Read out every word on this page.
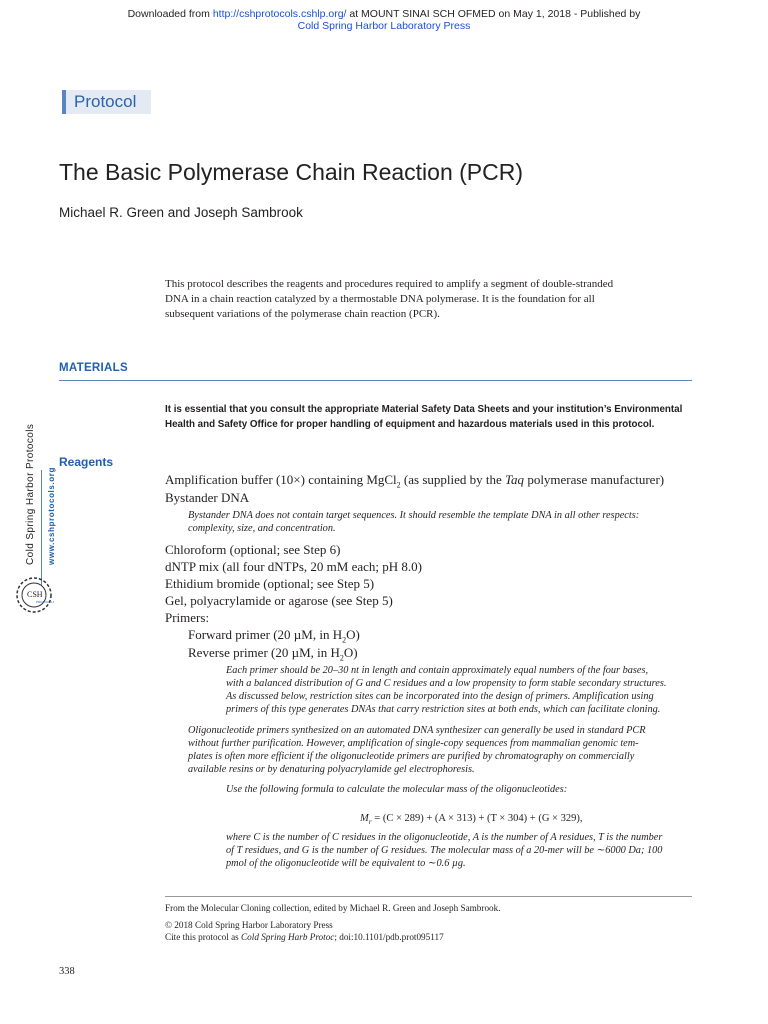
Downloaded from http://cshprotocols.cshlp.org/ at MOUNT SINAI SCH OFMED on May 1, 2018 - Published by
Cold Spring Harbor Laboratory Press
Protocol
The Basic Polymerase Chain Reaction (PCR)
Michael R. Green and Joseph Sambrook
This protocol describes the reagents and procedures required to amplify a segment of double-stranded
DNA in a chain reaction catalyzed by a thermostable DNA polymerase. It is the foundation for all
subsequent variations of the polymerase chain reaction (PCR).
MATERIALS
It is essential that you consult the appropriate Material Safety Data Sheets and your institution’s Environmental
Health and Safety Office for proper handling of equipment and hazardous materials used in this protocol.
Reagents
Amplification buffer (10×) containing MgCl$_2$ (as supplied by the Taq polymerase manufacturer)
Bystander DNA
Bystander DNA does not contain target sequences. It should resemble the template DNA in all other respects:
complexity, size, and concentration.
Chloroform (optional; see Step 6)
dNTP mix (all four dNTPs, 20 mM each; pH 8.0)
Ethidium bromide (optional; see Step 5)
Gel, polyacrylamide or agarose (see Step 5)
Primers:
Forward primer (20 µM, in $H_2O$)
Reverse primer (20 µM, in $H_2O$)
Each primer should be 20–30 nt in length and contain approximately equal numbers of the four bases,
with a balanced distribution of G and C residues and a low propensity to form stable secondary structures.
As discussed below, restriction sites can be incorporated into the design of primers. Amplification using
primers of this type generates DNAs that carry restriction sites at both ends, which can facilitate cloning.
Oligonucleotide primers synthesized on an automated DNA synthesizer can generally be used in standard PCR
without further purification. However, amplification of single-copy sequences from mammalian genomic tem-
plates is often more efficient if the oligonucleotide primers are purified by chromatography on commercially
available resins or by denaturing polyacrylamide gel electrophoresis.
Use the following formula to calculate the molecular mass of the oligonucleotides:
$M_r = (C \times 289) + (A \times 313) + (T \times 304) + (G \times 329)$,
where C is the number of C residues in the oligonucleotide, A is the number of A residues, T is the number
of T residues, and G is the number of G residues. The molecular mass of a 20-mer will be ∼6000 Da; 100
pmol of the oligonucleotide will be equivalent to ∼0.6 µg.
From the Molecular Cloning collection, edited by Michael R. Green and Joseph Sambrook.
© 2018 Cold Spring Harbor Laboratory Press
Cite this protocol as Cold Spring Harb Protoc; doi:10.1101/pdb.prot095117
338
Cold Spring Harbor Protocols www.cshprotocols.org
CSH
PROTOCOLS
